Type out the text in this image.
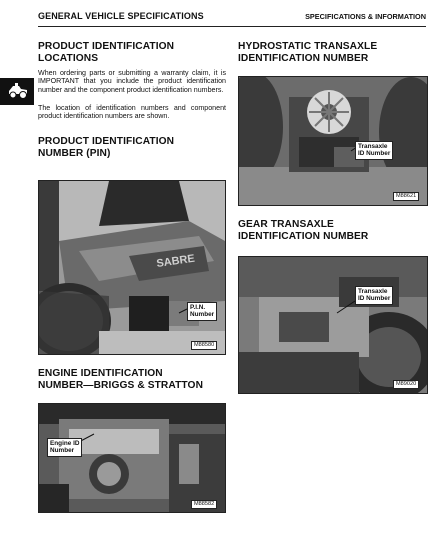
GENERAL VEHICLE SPECIFICATIONS	SPECIFICATIONS & INFORMATION
PRODUCT IDENTIFICATION
LOCATIONS

When ordering parts or submitting a warranty claim, it is IMPORTANT that you include the product identification number and the component product identification numbers.

The location of identification numbers and component product identification numbers are shown.

PRODUCT IDENTIFICATION
NUMBER (PIN)
SABRE
P.I.N.
Number
M88580
ENGINE IDENTIFICATION
NUMBER—BRIGGS & STRATTON
Engine ID
Number
M88582
HYDROSTATIC TRANSAXLE
IDENTIFICATION NUMBER
Transaxle
ID Number
M88621
GEAR TRANSAXLE
IDENTIFICATION NUMBER
Transaxle
ID Number
M89020
